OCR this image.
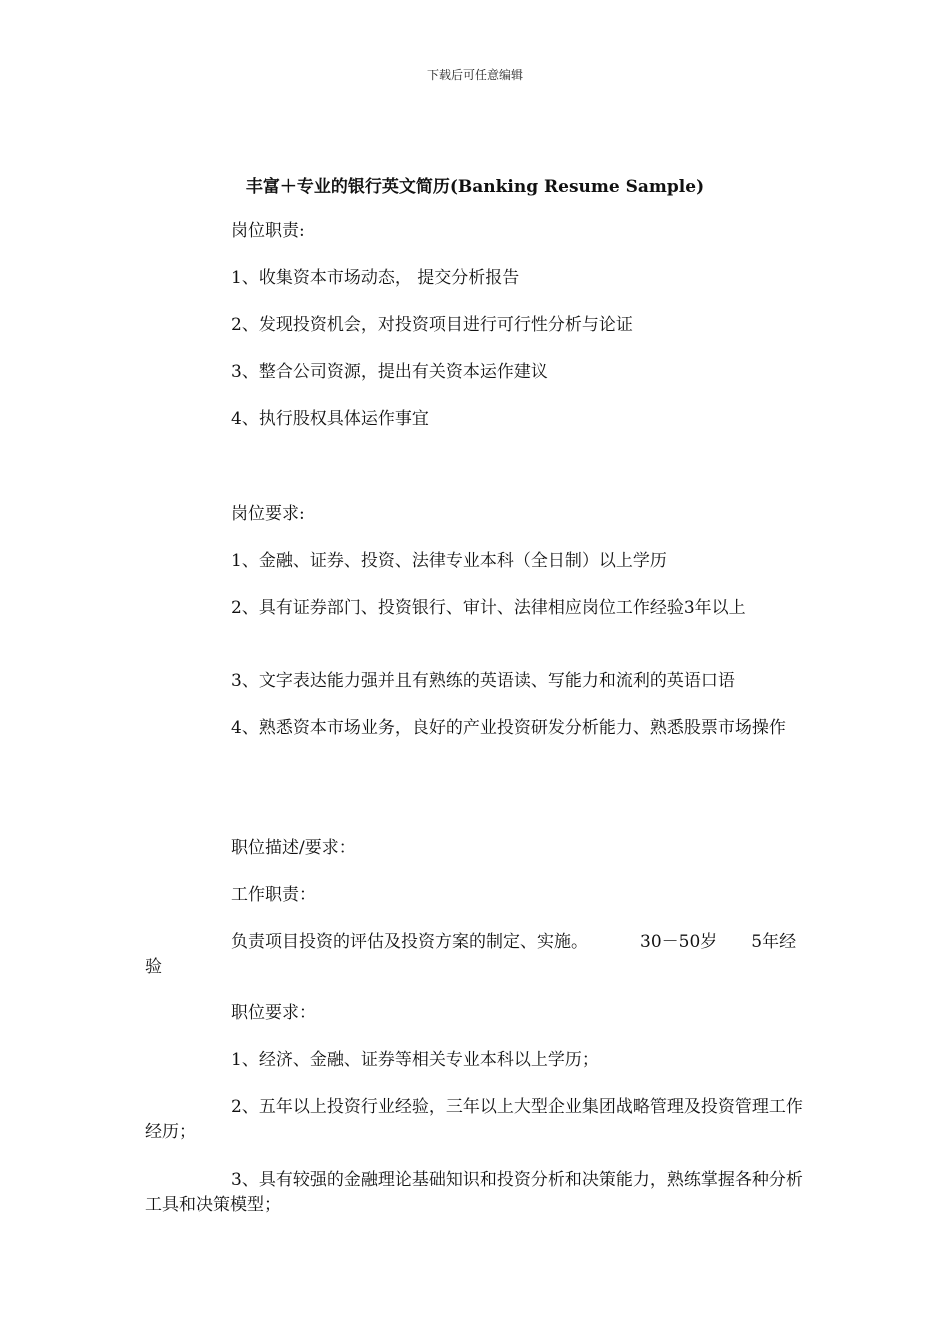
下载后可任意编辑
丰富＋专业的银行英文简历(Banking Resume Sample)
岗位职责:
1、收集资本市场动态， 提交分析报告
2、发现投资机会，对投资项目进行可行性分析与论证
3、整合公司资源，提出有关资本运作建议
4、执行股权具体运作事宜
岗位要求:
1、金融、证券、投资、法律专业本科（全日制）以上学历
2、具有证券部门、投资银行、审计、法律相应岗位工作经验3年以上
3、文字表达能力强并且有熟练的英语读、写能力和流利的英语口语
4、熟悉资本市场业务，良好的产业投资研发分析能力、熟悉股票市场操作
职位描述/要求：
工作职责：
负责项目投资的评估及投资方案的制定、实施。	30－50岁 5年经验
职位要求：
1、经济、金融、证券等相关专业本科以上学历；
2、五年以上投资行业经验，三年以上大型企业集团战略管理及投资管理工作经历；
3、具有较强的金融理论基础知识和投资分析和决策能力，熟练掌握各种分析工具和决策模型；
